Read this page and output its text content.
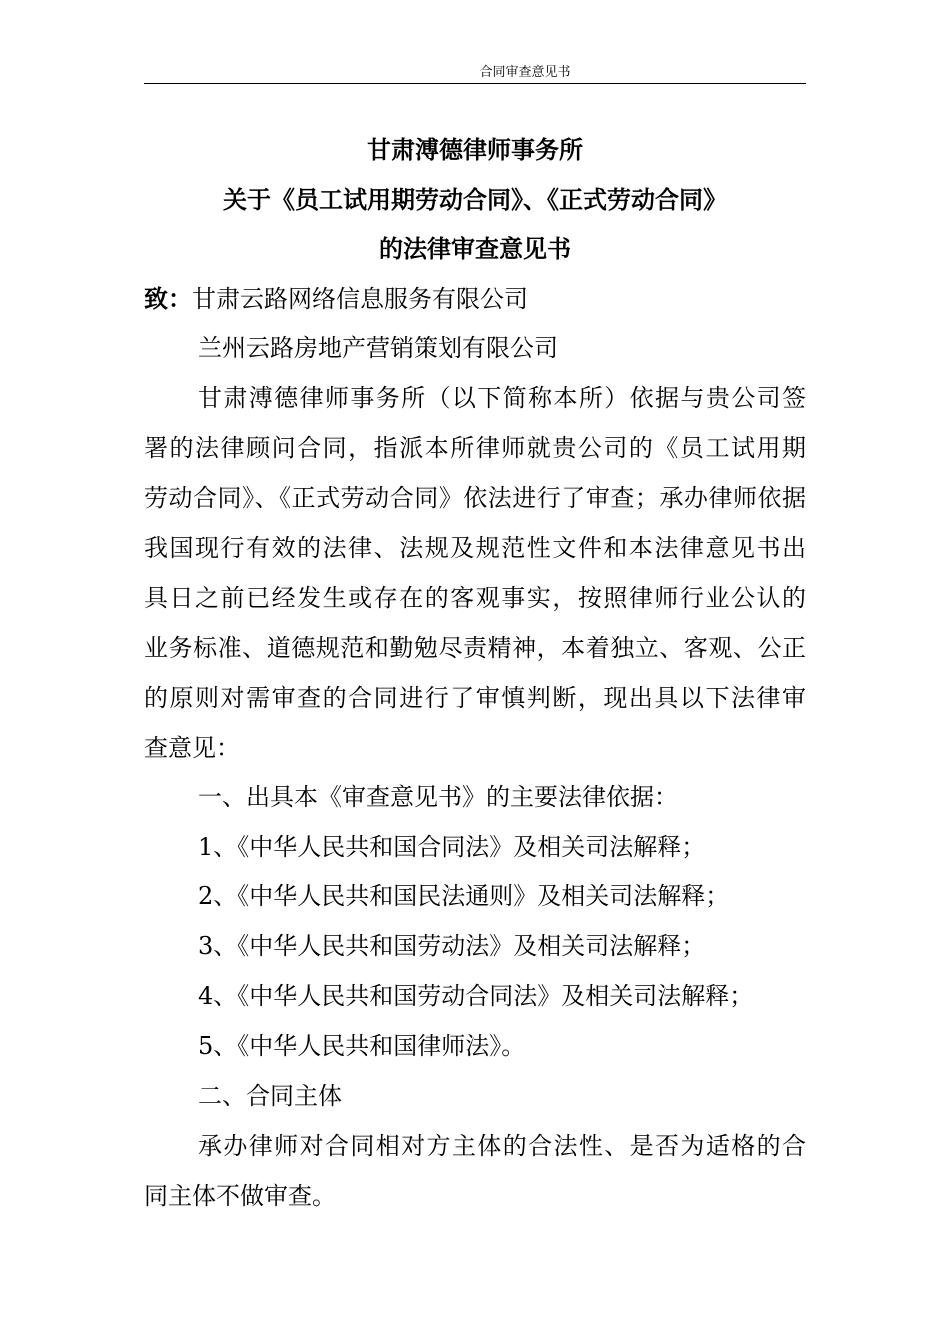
合同审查意见书
甘肃溥德律师事务所
关于《员工试用期劳动合同》、《正式劳动合同》
的法律审查意见书
致：甘肃云路网络信息服务有限公司
兰州云路房地产营销策划有限公司
甘肃溥德律师事务所（以下简称本所）依据与贵公司签
署的法律顾问合同，指派本所律师就贵公司的《员工试用期
劳动合同》、《正式劳动合同》依法进行了审查；承办律师依据
我国现行有效的法律、法规及规范性文件和本法律意见书出
具日之前已经发生或存在的客观事实，按照律师行业公认的
业务标准、道德规范和勤勉尽责精神，本着独立、客观、公正
的原则对需审查的合同进行了审慎判断，现出具以下法律审
查意见：
一、出具本《审查意见书》的主要法律依据：
1、《中华人民共和国合同法》及相关司法解释；
2、《中华人民共和国民法通则》及相关司法解释；
3、《中华人民共和国劳动法》及相关司法解释；
4、《中华人民共和国劳动合同法》及相关司法解释；
5、《中华人民共和国律师法》。
二、合同主体
承办律师对合同相对方主体的合法性、是否为适格的合
同主体不做审查。
